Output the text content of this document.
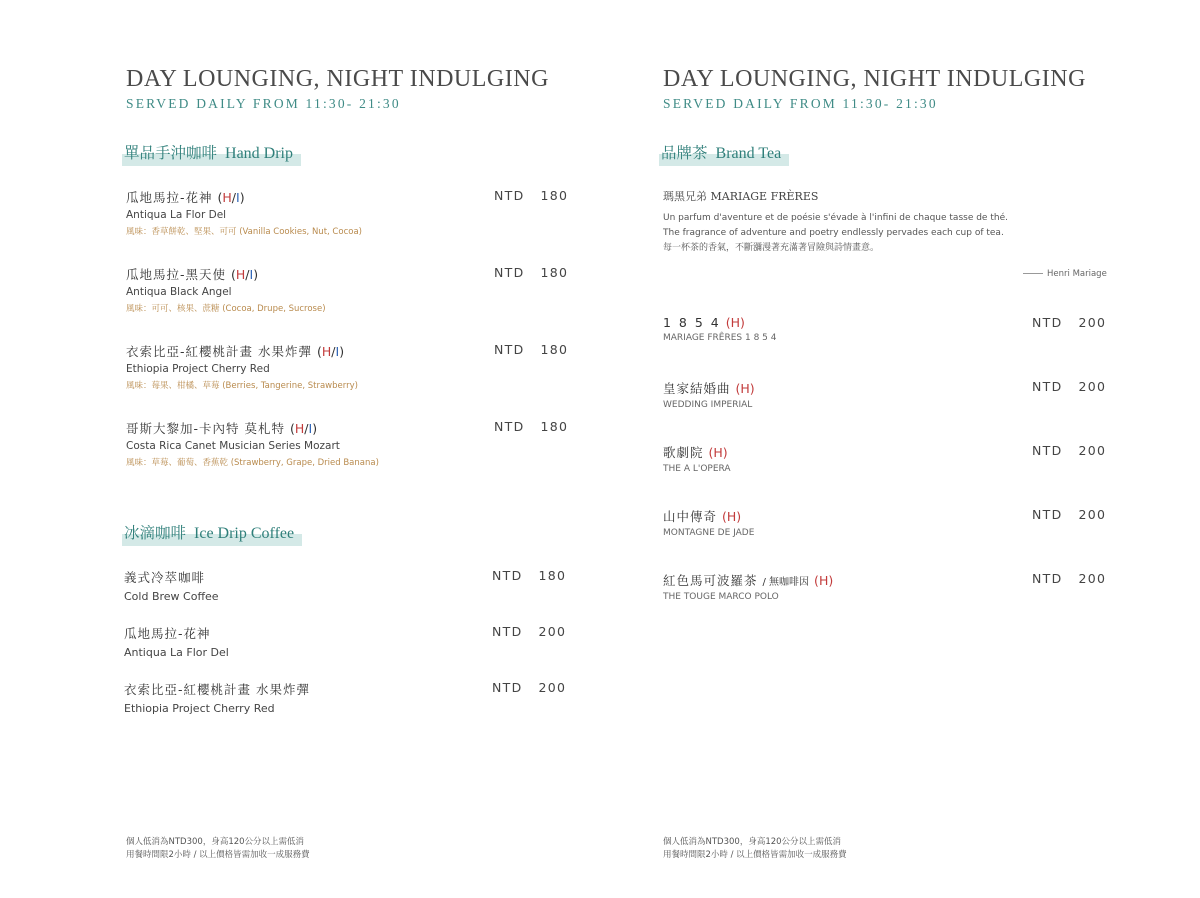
DAY LOUNGING, NIGHT INDULGING
SERVED DAILY FROM 11:30- 21:30
單品手沖咖啡 Hand Drip
瓜地馬拉-花神 (H/I)
Antiqua La Flor Del
風味：香草餅乾、堅果、可可 (Vanilla Cookies, Nut, Cocoa)
NTD 180
瓜地馬拉-黑天使 (H/I)
Antiqua Black Angel
風味：可可、核果、蔗糖 (Cocoa, Drupe, Sucrose)
NTD 180
衣索比亞-紅櫻桃計畫 水果炸彈 (H/I)
Ethiopia Project Cherry Red
風味：莓果、柑橘、草莓 (Berries, Tangerine, Strawberry)
NTD 180
哥斯大黎加-卡內特 莫札特 (H/I)
Costa Rica Canet Musician Series Mozart
風味：草莓、葡萄、香蕉乾 (Strawberry, Grape, Dried Banana)
NTD 180
冰滴咖啡 Ice Drip Coffee
義式冷萃咖啡
Cold Brew Coffee
NTD 180
瓜地馬拉-花神
Antiqua La Flor Del
NTD 200
衣索比亞-紅櫻桃計畫 水果炸彈
Ethiopia Project Cherry Red
NTD 200
個人低消為NTD300，身高120公分以上需低消
用餐時間限2小時 / 以上價格皆需加收一成服務費
DAY LOUNGING, NIGHT INDULGING
SERVED DAILY FROM 11:30- 21:30
品牌茶 Brand Tea
瑪黑兄弟 MARIAGE FRÈRES
Un parfum d'aventure et de poésie s'évade à l'infini de chaque tasse de thé.
The fragrance of adventure and poetry endlessly pervades each cup of tea.
每一杯茶的香氣，不斷瀰漫著充滿著冒險與詩情畫意。
Henri Mariage
1 8 5 4 (H)
MARIAGE FRÊRES 1 8 5 4
NTD 200
皇家結婚曲 (H)
WEDDING IMPERIAL
NTD 200
歌劇院 (H)
THE A L'OPERA
NTD 200
山中傳奇 (H)
MONTAGNE DE JADE
NTD 200
紅色馬可波羅茶 / 無咖啡因 (H)
THE TOUGE MARCO POLO
NTD 200
個人低消為NTD300，身高120公分以上需低消
用餐時間限2小時 / 以上價格皆需加收一成服務費
